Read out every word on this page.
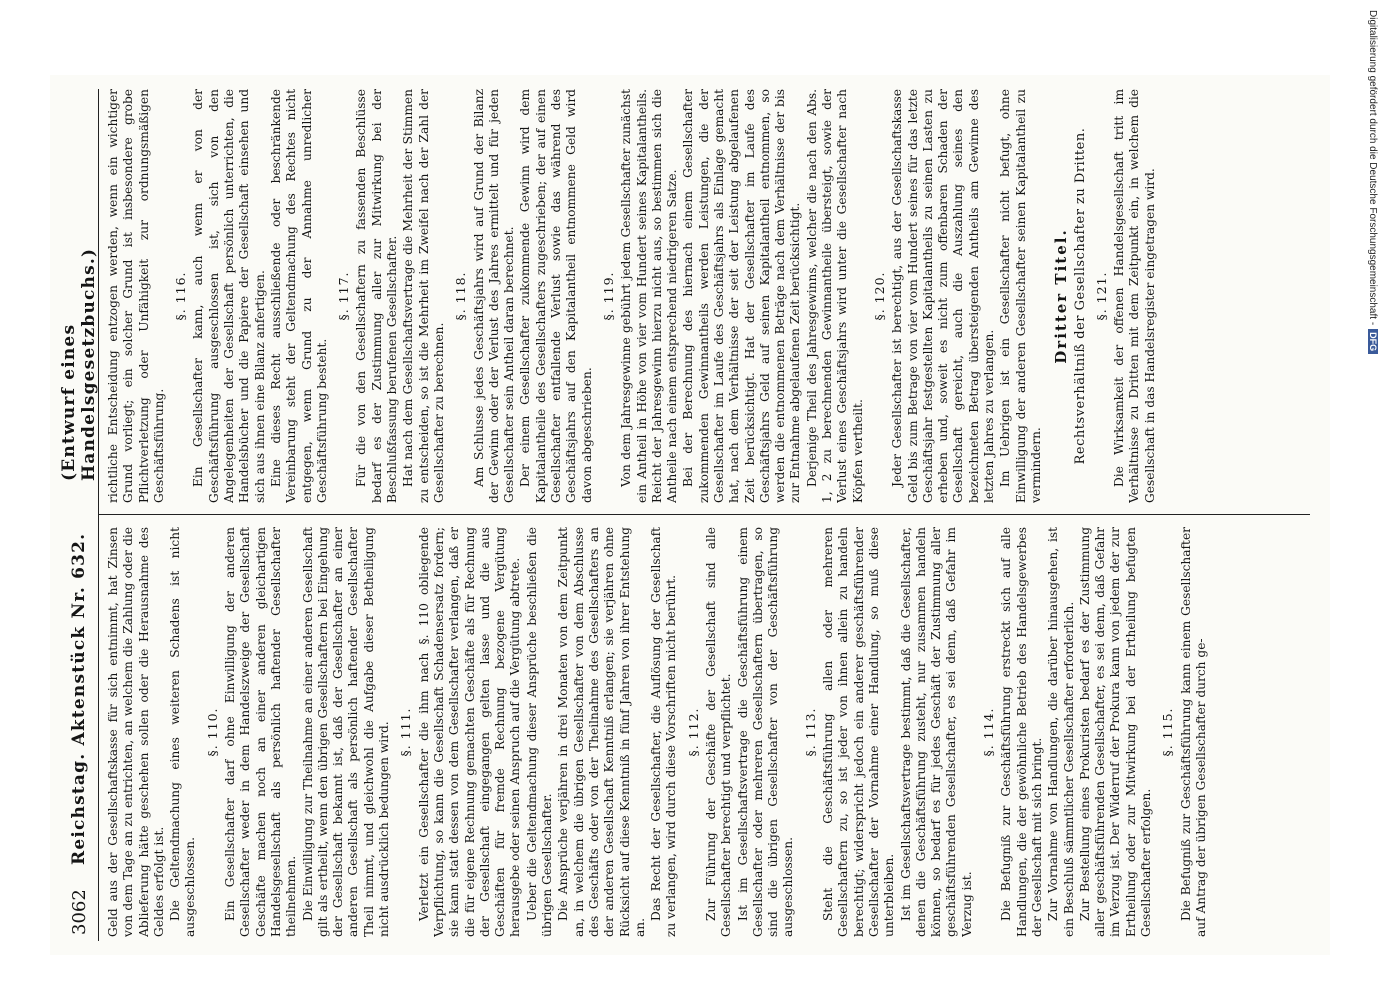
3062
Reichstag. Aktenstück Nr. 632.
(Entwurf eines Handelsgesetzbuchs.)

Geld aus der Gesellschaftskasse für sich entnimmt, hat Zinsen von dem Tage an zu entrichten, an welchem die Zahlung oder die Ablieferung hätte geschehen sollen oder die Herausnahme des Geldes erfolgt ist. Die Geltendmachung eines weiteren Schadens ist nicht ausgeschlossen.

§. 110. Ein Gesellschafter darf ohne Einwilligung der anderen Gesellschafter weder in dem Handelszweige der Gesellschaft Geschäfte machen noch an einer anderen gleichartigen Handelsgesellschaft als persönlich haftender Gesellschafter theilnehmen. Die Einwilligung zur Theilnahme an einer anderen Gesellschaft gilt als ertheilt, wenn den übrigen Gesellschaftern bei Eingehung der Gesellschaft bekannt ist, daß der Gesellschafter an einer anderen Gesellschaft als persönlich haftender Gesellschafter Theil nimmt, und gleichwohl die Aufgabe dieser Betheiligung nicht ausdrücklich bedungen wird. §. 111. Verletzt ein Gesellschafter die ihm nach §. 110 obliegende Verpflichtung, so kann die Gesellschaft Schadensersatz fordern; sie kann statt dessen von dem Gesellschafter verlangen, daß er die für eigene Rechnung gemachten Geschäfte als für Rechnung der Gesellschaft eingegangen gelten lasse und die aus Geschäften für fremde Rechnung bezogene Vergütung herausgebe oder seinen Anspruch auf die Vergütung abtrete. Ueber die Geltendmachung dieser Ansprüche beschließen die übrigen Gesellschafter. Die Ansprüche verjähren in drei Monaten von dem Zeitpunkt an, in welchem die übrigen Gesellschafter von dem Abschlusse des Geschäfts oder von der Theilnahme des Gesellschafters an der anderen Gesellschaft Kenntniß erlangen; sie verjähren ohne Rücksicht auf diese Kenntniß in fünf Jahren von ihrer Entstehung an.

Das Recht der Gesellschafter, die Auflösung der Gesellschaft zu verlangen, wird durch diese Vorschriften nicht berührt. §. 112. Zur Führung der Geschäfte der Gesellschaft sind alle Gesellschafter berechtigt und verpflichtet. Ist im Gesellschaftsvertrage die Geschäftsführung einem Gesellschafter oder mehreren Gesellschaftern übertragen, so sind die übrigen Gesellschafter von der Geschäftsführung ausgeschlossen.

§. 113. Steht die Geschäftsführung allen oder mehreren Gesellschaftern zu, so ist jeder von ihnen allein zu handeln berechtigt; widerspricht jedoch ein anderer geschäftsführender Gesellschafter der Vornahme einer Handlung, so muß diese unterbleiben. Ist im Gesellschaftsvertrage bestimmt, daß die Gesellschafter, denen die Geschäftsführung zusteht, nur zusammen handeln können, so bedarf es für jedes Geschäft der Zustimmung aller geschäftsführenden Gesellschafter, es sei denn, daß Gefahr im Verzug ist.

§. 114. Die Befugniß zur Geschäftsführung erstreckt sich auf alle Handlungen, die der gewöhnliche Betrieb des Handelsgewerbes der Gesellschaft mit sich bringt. Zur Vornahme von Handlungen, die darüber hinausgehen, ist ein Beschluß sämmtlicher Gesellschafter erforderlich. Zur Bestellung eines Prokuristen bedarf es der Zustimmung aller geschäftsführenden Gesellschafter, es sei denn, daß Gefahr im Verzug ist. Der Widerruf der Prokura kann von jedem der zur Ertheilung oder zur Mitwirkung bei der Ertheilung befugten Gesellschafter erfolgen.

§. 115. Die Befugniß zur Geschäftsführung kann einem Gesellschafter auf Antrag der übrigen Gesellschafter durch ge-

richtliche Entscheidung entzogen werden, wenn ein wichtiger Grund vorliegt; ein solcher Grund ist insbesondere grobe Pflichtverletzung oder Unfähigkeit zur ordnungsmäßigen Geschäftsführung.

§. 116. Ein Gesellschafter kann, auch wenn er von der Geschäftsführung ausgeschlossen ist, sich von den Angelegenheiten der Gesellschaft persönlich unterrichten, die Handelsbücher und die Papiere der Gesellschaft einsehen und sich aus ihnen eine Bilanz anfertigen. Eine dieses Recht ausschließende oder beschränkende Vereinbarung steht der Geltendmachung des Rechtes nicht entgegen, wenn Grund zu der Annahme unredlicher Geschäftsführung besteht.

§. 117. Für die von den Gesellschaftern zu fassenden Beschlüsse bedarf es der Zustimmung aller zur Mitwirkung bei der Beschlußfassung berufenen Gesellschafter. Hat nach dem Gesellschaftsvertrage die Mehrheit der Stimmen zu entscheiden, so ist die Mehrheit im Zweifel nach der Zahl der Gesellschafter zu berechnen.

§. 118. Am Schlusse jedes Geschäftsjahrs wird auf Grund der Bilanz der Gewinn oder der Verlust des Jahres ermittelt und für jeden Gesellschafter sein Antheil daran berechnet. Der einem Gesellschafter zukommende Gewinn wird dem Kapitalantheile des Gesellschafters zugeschrieben; der auf einen Gesellschafter entfallende Verlust sowie das während des Geschäftsjahrs auf den Kapitalantheil entnommene Geld wird davon abgeschrieben.

§. 119. Von dem Jahresgewinne gebührt jedem Gesellschafter zunächst ein Antheil in Höhe von vier vom Hundert seines Kapitalantheils. Reicht der Jahresgewinn hierzu nicht aus, so bestimmen sich die Antheile nach einem entsprechend niedrigeren Satze. Bei der Berechnung des hiernach einem Gesellschafter zukommenden Gewinnantheils werden Leistungen, die der Gesellschafter im Laufe des Geschäftsjahrs als Einlage gemacht hat, nach dem Verhältnisse der seit der Leistung abgelaufenen Zeit berücksichtigt. Hat der Gesellschafter im Laufe des Geschäftsjahrs Geld auf seinen Kapitalantheil entnommen, so werden die entnommenen Beträge nach dem Verhältnisse der bis zur Entnahme abgelaufenen Zeit berücksichtigt. Derjenige Theil des Jahresgewinns, welcher die nach den Abs. 1, 2 zu berechnenden Gewinnantheile übersteigt, sowie der Verlust eines Geschäftsjahrs wird unter die Gesellschafter nach Köpfen vertheilt.

§. 120. Jeder Gesellschafter ist berechtigt, aus der Gesellschaftskasse Geld bis zum Betrage von vier vom Hundert seines für das letzte Geschäftsjahr festgestellten Kapitalantheils zu seinen Lasten zu erheben und, soweit es nicht zum offenbaren Schaden der Gesellschaft gereicht, auch die Auszahlung seines den bezeichneten Betrag übersteigenden Antheils am Gewinne des letzten Jahres zu verlangen. Im Uebrigen ist ein Gesellschafter nicht befugt, ohne Einwilligung der anderen Gesellschafter seinen Kapitalantheil zu vermindern.

Dritter Titel. Rechtsverhältniß der Gesellschafter zu Dritten. §. 121. Die Wirksamkeit der offenen Handelsgesellschaft tritt im Verhältnisse zu Dritten mit dem Zeitpunkt ein, in welchem die Gesellschaft in das Handelsregister eingetragen wird.

Digitalisierung gefördert durch die Deutsche Forschungsgemeinschaft -
DFG
